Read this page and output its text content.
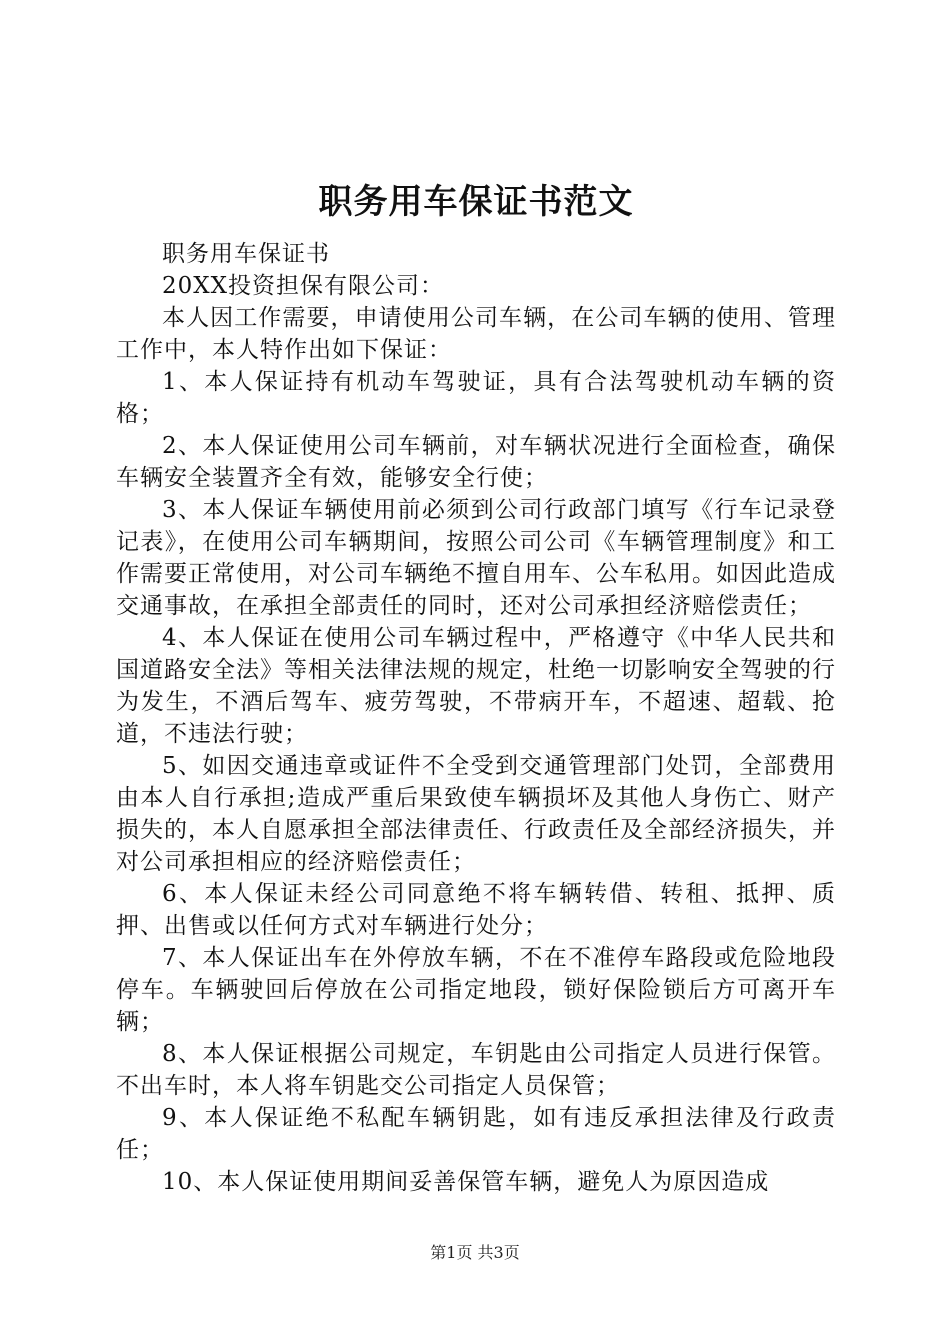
职务用车保证书范文

职务用车保证书

20XX投资担保有限公司：

本人因工作需要，申请使用公司车辆，在公司车辆的使用、管理工作中，本人特作出如下保证：

1、本人保证持有机动车驾驶证，具有合法驾驶机动车辆的资格；

2、本人保证使用公司车辆前，对车辆状况进行全面检查，确保车辆安全装置齐全有效，能够安全行使；

3、本人保证车辆使用前必须到公司行政部门填写《行车记录登记表》，在使用公司车辆期间，按照公司公司《车辆管理制度》和工作需要正常使用，对公司车辆绝不擅自用车、公车私用。如因此造成交通事故，在承担全部责任的同时，还对公司承担经济赔偿责任；

4、本人保证在使用公司车辆过程中，严格遵守《中华人民共和国道路安全法》等相关法律法规的规定，杜绝一切影响安全驾驶的行为发生，不酒后驾车、疲劳驾驶，不带病开车，不超速、超载、抢道，不违法行驶；

5、如因交通违章或证件不全受到交通管理部门处罚，全部费用由本人自行承担;造成严重后果致使车辆损坏及其他人身伤亡、财产损失的，本人自愿承担全部法律责任、行政责任及全部经济损失，并对公司承担相应的经济赔偿责任；

6、本人保证未经公司同意绝不将车辆转借、转租、抵押、质押、出售或以任何方式对车辆进行处分；

7、本人保证出车在外停放车辆，不在不准停车路段或危险地段停车。车辆驶回后停放在公司指定地段，锁好保险锁后方可离开车辆；

8、本人保证根据公司规定，车钥匙由公司指定人员进行保管。不出车时，本人将车钥匙交公司指定人员保管；

9、本人保证绝不私配车辆钥匙，如有违反承担法律及行政责任；

10、本人保证使用期间妥善保管车辆，避免人为原因造成

第1页 共3页
